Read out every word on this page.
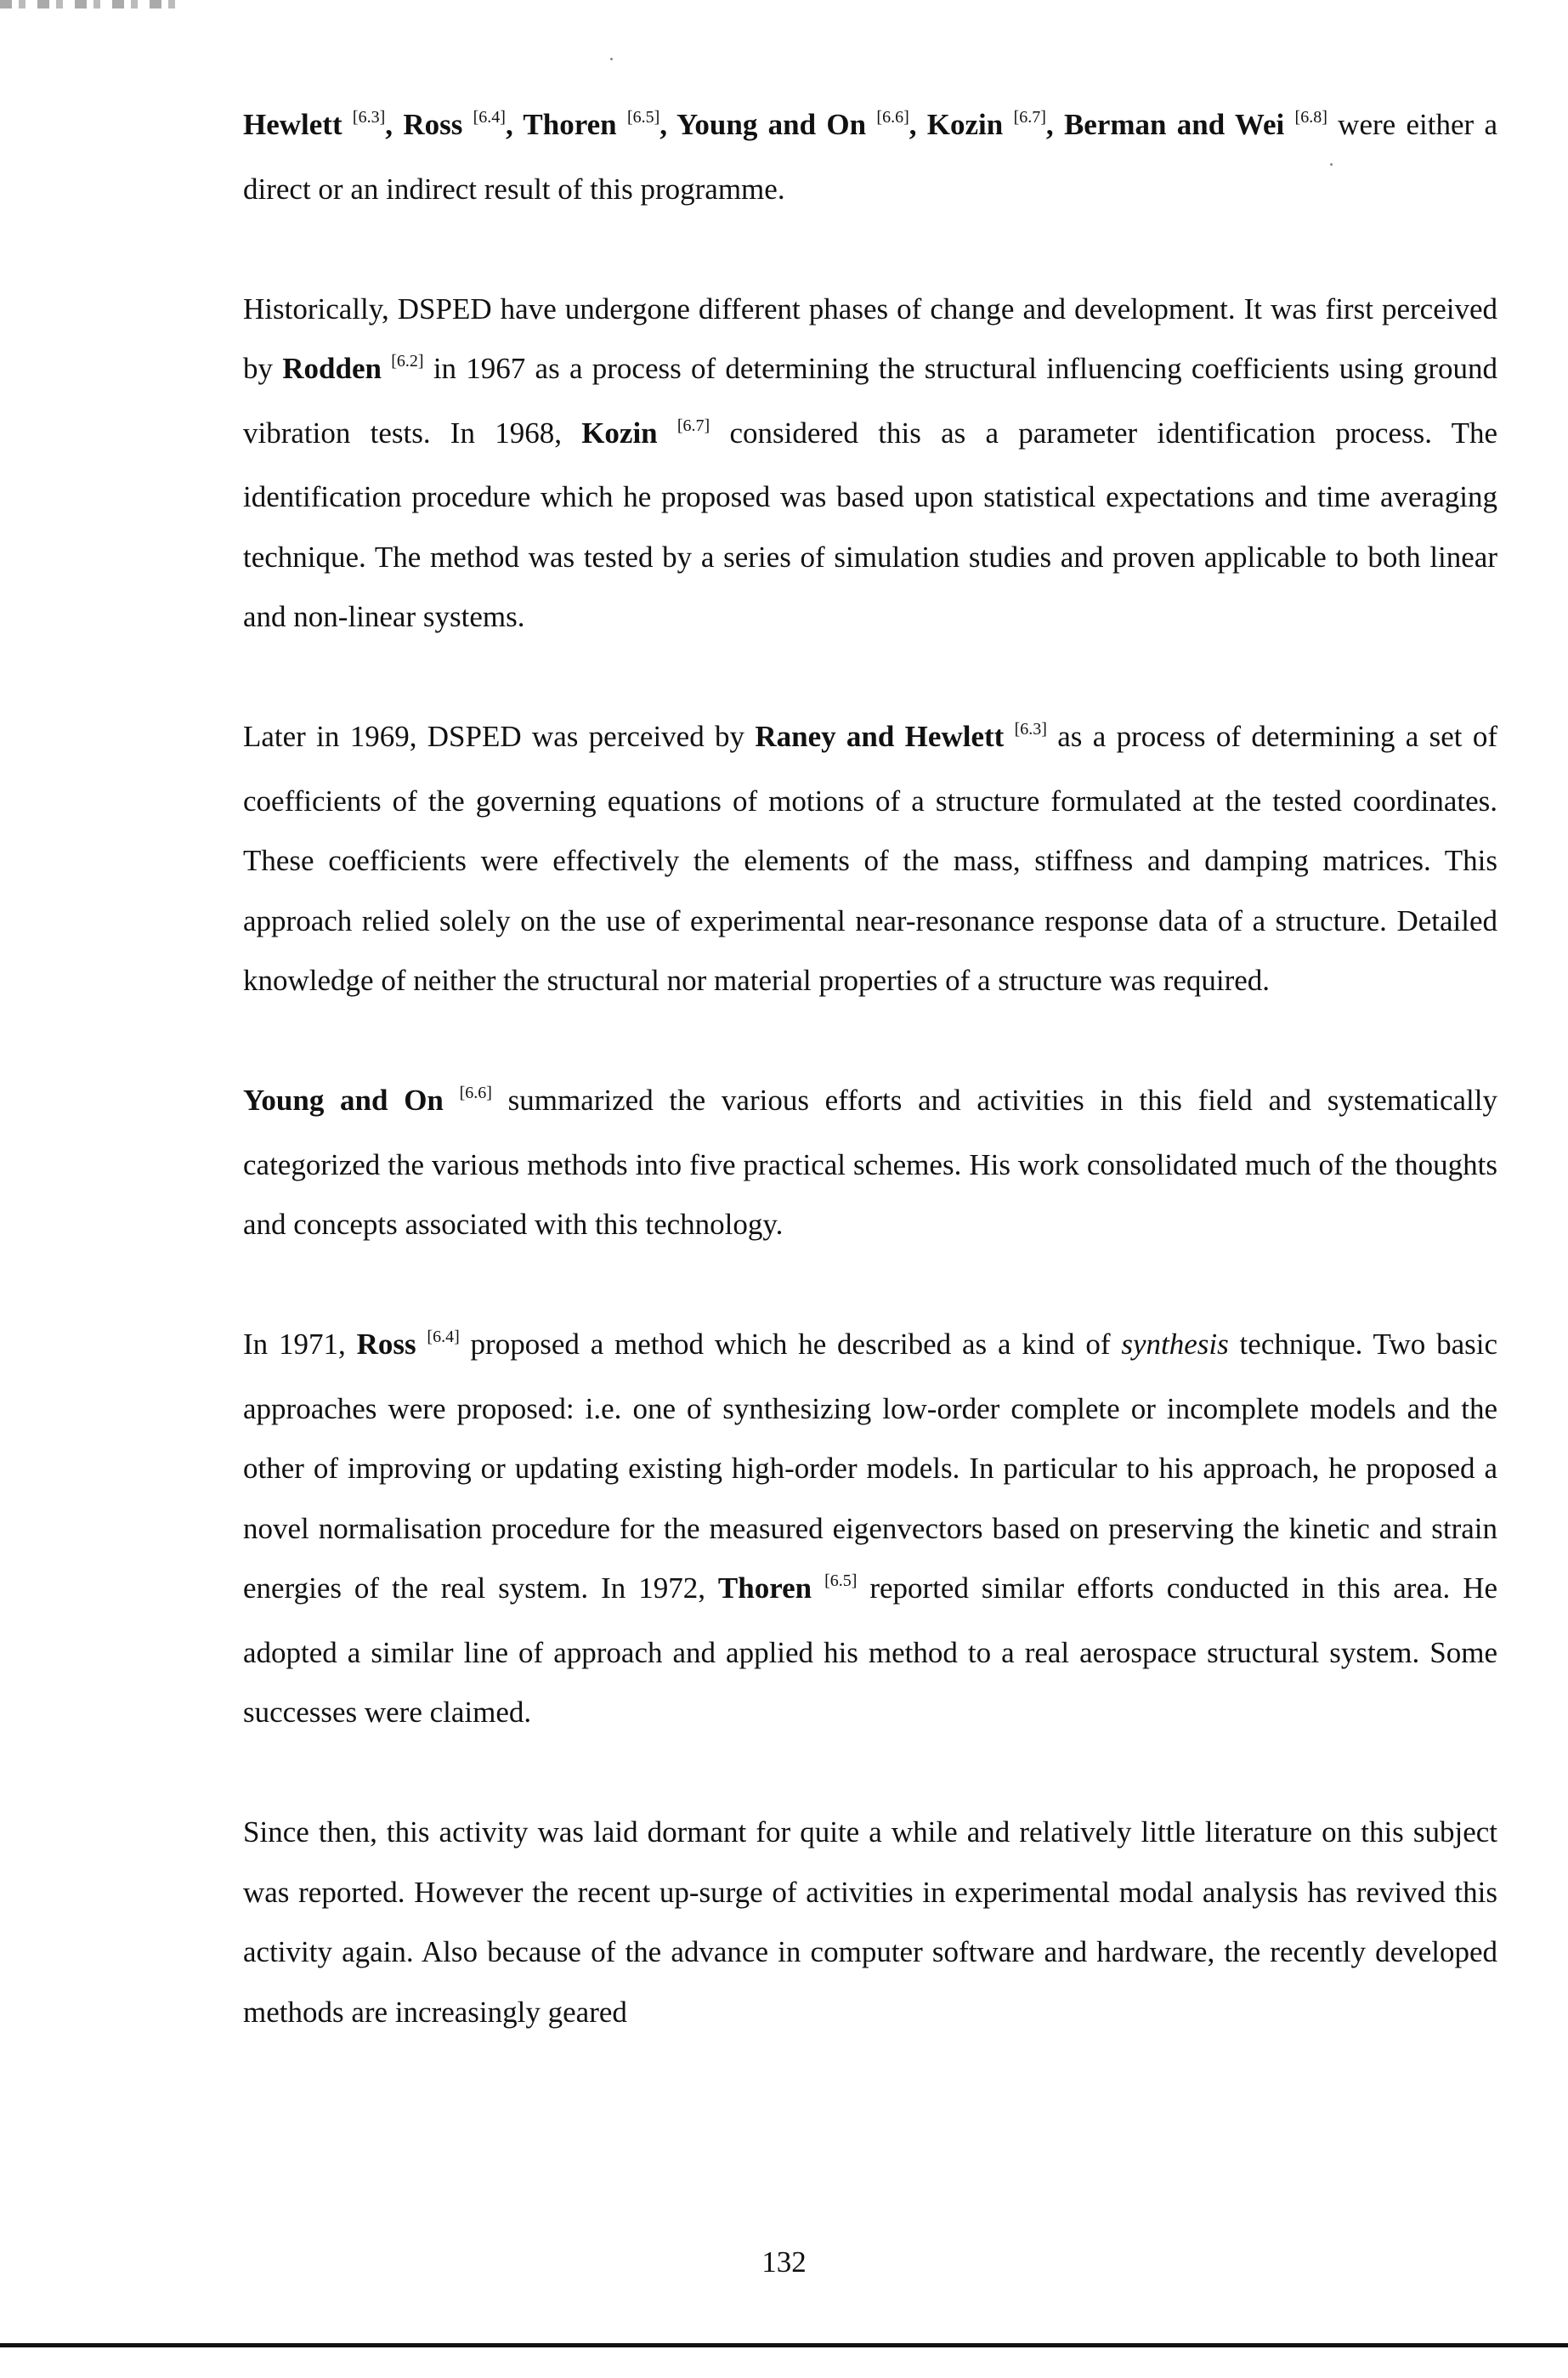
Hewlett [6.3], Ross [6.4], Thoren [6.5], Young and On [6.6], Kozin [6.7], Berman and Wei [6.8] were either a direct or an indirect result of this programme.

Historically, DSPED have undergone different phases of change and development. It was first perceived by Rodden [6.2] in 1967 as a process of determining the structural influencing coefficients using ground vibration tests. In 1968, Kozin [6.7] considered this as a parameter identification process. The identification procedure which he proposed was based upon statistical expectations and time averaging technique. The method was tested by a series of simulation studies and proven applicable to both linear and non-linear systems.

Later in 1969, DSPED was perceived by Raney and Hewlett [6.3] as a process of determining a set of coefficients of the governing equations of motions of a structure formulated at the tested coordinates. These coefficients were effectively the elements of the mass, stiffness and damping matrices. This approach relied solely on the use of experimental near-resonance response data of a structure. Detailed knowledge of neither the structural nor material properties of a structure was required.

Young and On [6.6] summarized the various efforts and activities in this field and systematically categorized the various methods into five practical schemes. His work consolidated much of the thoughts and concepts associated with this technology.

In 1971, Ross [6.4] proposed a method which he described as a kind of synthesis technique. Two basic approaches were proposed: i.e. one of synthesizing low-order complete or incomplete models and the other of improving or updating existing high-order models. In particular to his approach, he proposed a novel normalisation procedure for the measured eigenvectors based on preserving the kinetic and strain energies of the real system. In 1972, Thoren [6.5] reported similar efforts conducted in this area. He adopted a similar line of approach and applied his method to a real aerospace structural system. Some successes were claimed.

Since then, this activity was laid dormant for quite a while and relatively little literature on this subject was reported. However the recent up-surge of activities in experimental modal analysis has revived this activity again. Also because of the advance in computer software and hardware, the recently developed methods are increasingly geared

132
